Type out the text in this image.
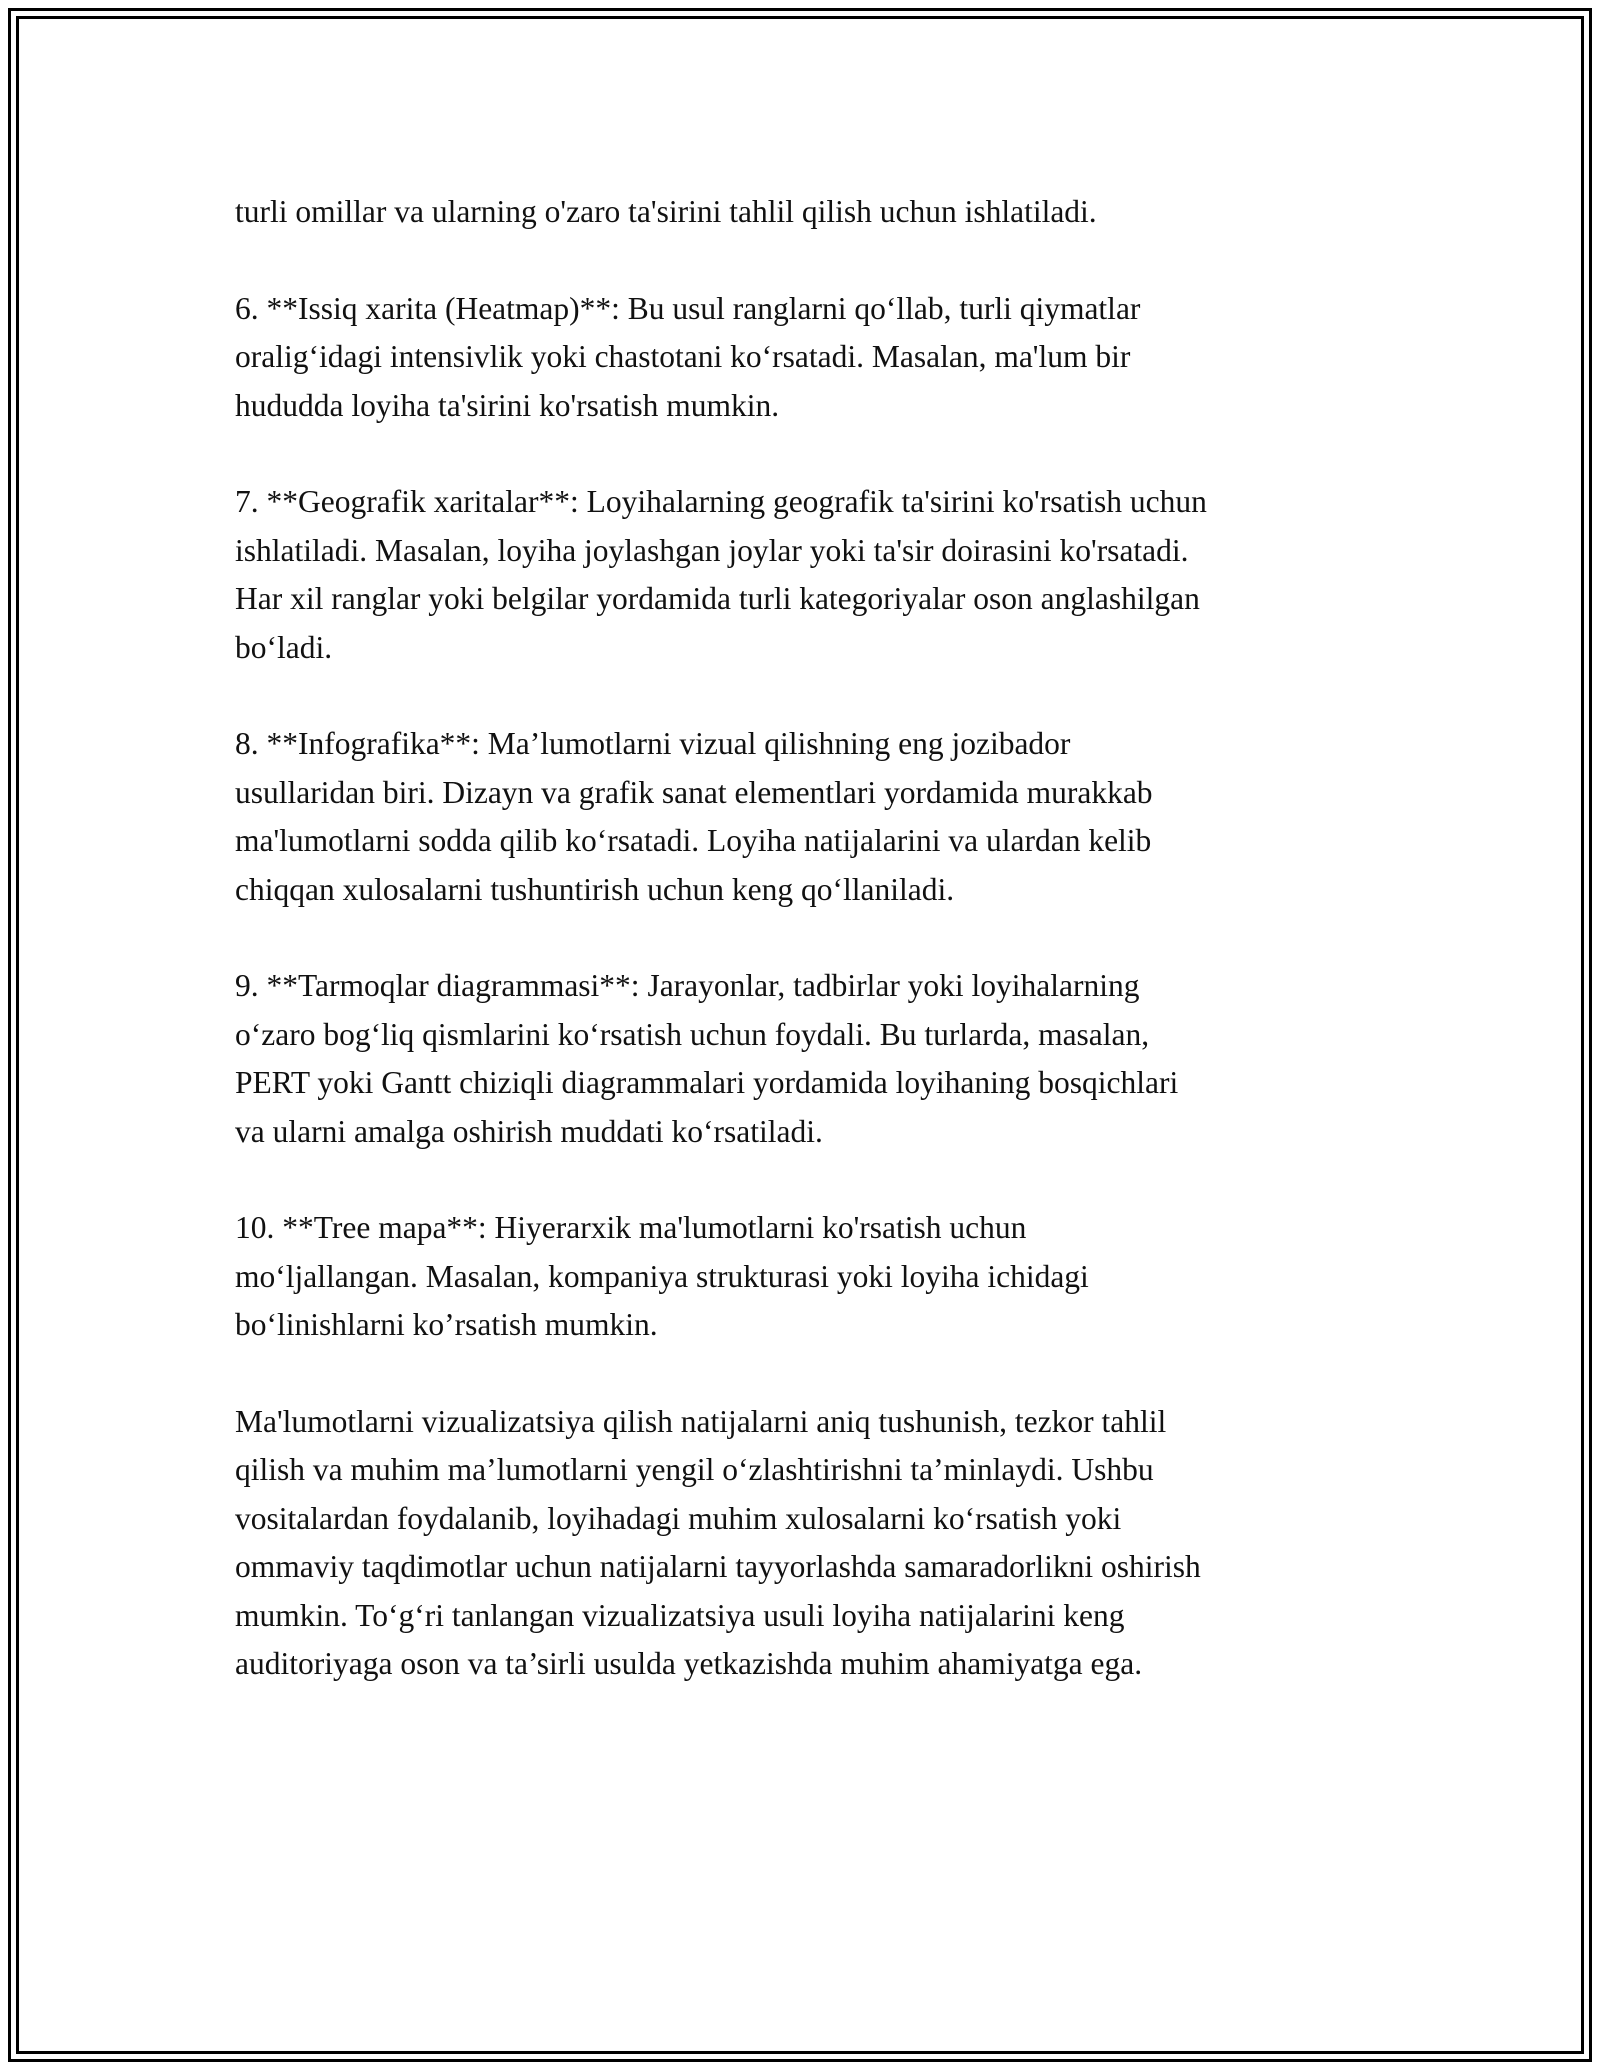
turli omillar va ularning o'zaro ta'sirini tahlil qilish uchun ishlatiladi.

6. **Issiq xarita (Heatmap)**: Bu usul ranglarni qo‘llab, turli qiymatlar
oralig‘idagi intensivlik yoki chastotani ko‘rsatadi. Masalan, ma'lum bir
hududda loyiha ta'sirini ko'rsatish mumkin.

7. **Geografik xaritalar**: Loyihalarning geografik ta'sirini ko'rsatish uchun
ishlatiladi. Masalan, loyiha joylashgan joylar yoki ta'sir doirasini ko'rsatadi.
Har xil ranglar yoki belgilar yordamida turli kategoriyalar oson anglashilgan
bo‘ladi.

8. **Infografika**: Ma’lumotlarni vizual qilishning eng jozibador
usullaridan biri. Dizayn va grafik sanat elementlari yordamida murakkab
ma'lumotlarni sodda qilib ko‘rsatadi. Loyiha natijalarini va ulardan kelib
chiqqan xulosalarni tushuntirish uchun keng qo‘llaniladi.

9. **Tarmoqlar diagrammasi**: Jarayonlar, tadbirlar yoki loyihalarning
o‘zaro bog‘liq qismlarini ko‘rsatish uchun foydali. Bu turlarda, masalan,
PERT yoki Gantt chiziqli diagrammalari yordamida loyihaning bosqichlari
va ularni amalga oshirish muddati ko‘rsatiladi.

10. **Tree mapa**: Hiyerarxik ma'lumotlarni ko'rsatish uchun
mo‘ljallangan. Masalan, kompaniya strukturasi yoki loyiha ichidagi
bo‘linishlarni ko’rsatish mumkin.

Ma'lumotlarni vizualizatsiya qilish natijalarni aniq tushunish, tezkor tahlil
qilish va muhim ma’lumotlarni yengil o‘zlashtirishni ta’minlaydi. Ushbu
vositalardan foydalanib, loyihadagi muhim xulosalarni ko‘rsatish yoki
ommaviy taqdimotlar uchun natijalarni tayyorlashda samaradorlikni oshirish
mumkin. To‘g‘ri tanlangan vizualizatsiya usuli loyiha natijalarini keng
auditoriyaga oson va ta’sirli usulda yetkazishda muhim ahamiyatga ega.
